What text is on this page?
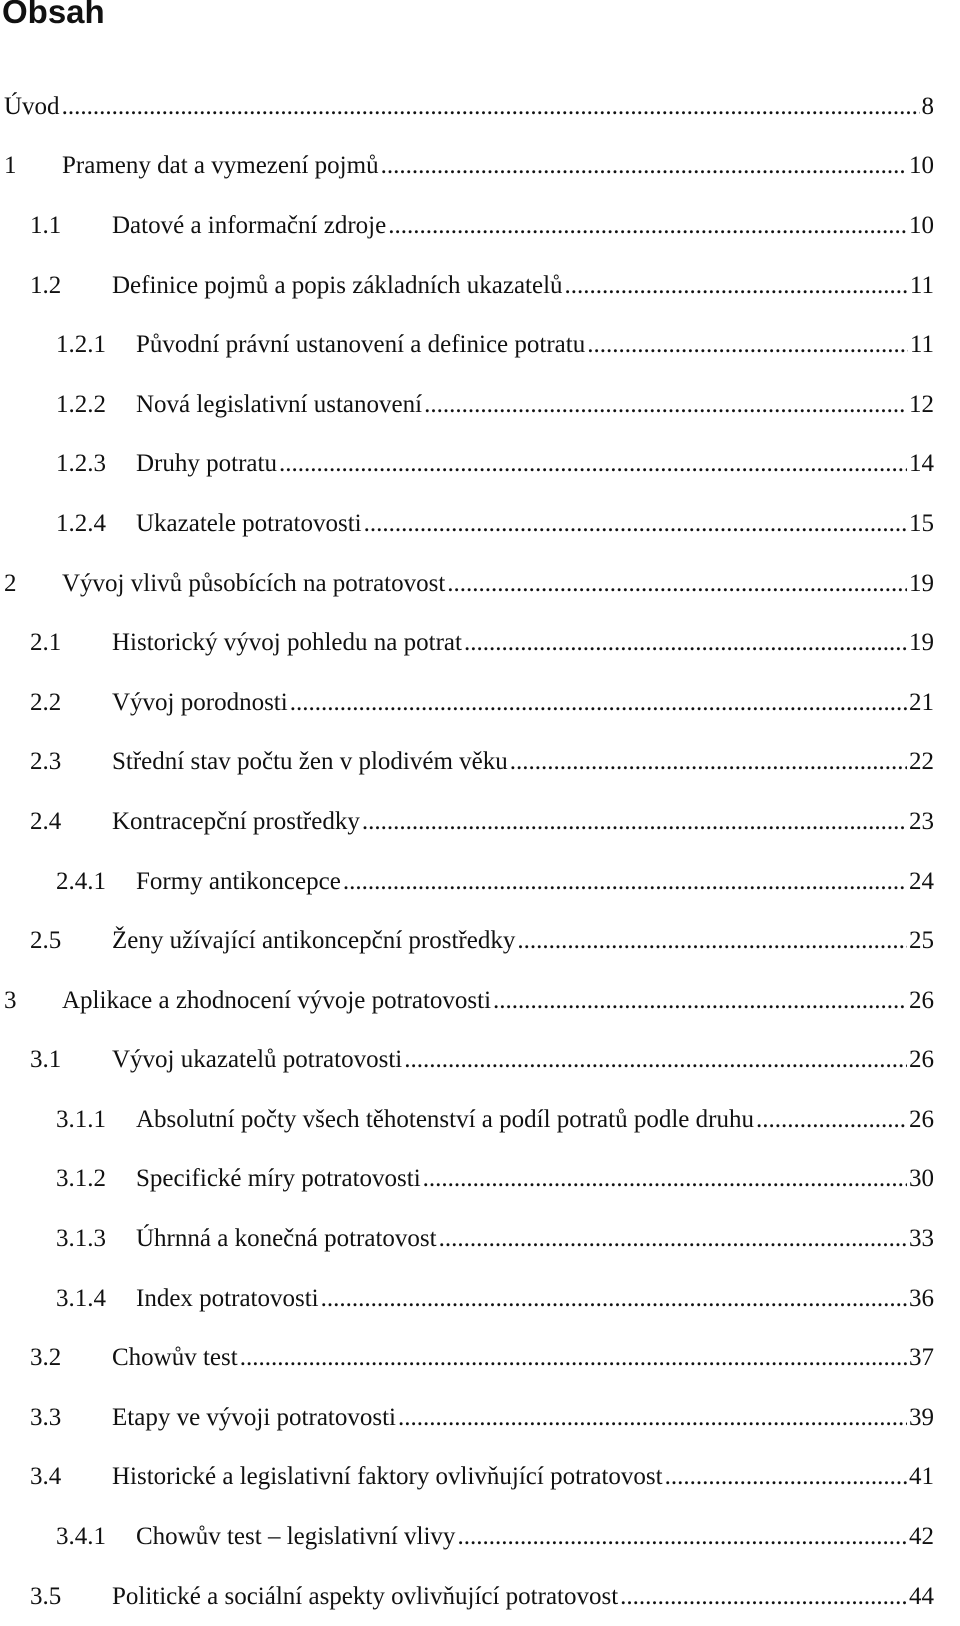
Obsah
Úvod .....	8
1	Prameny dat a vymezení pojmů .....	10
1.1	Datové a informační zdroje .....	10
1.2	Definice pojmů a popis základních ukazatelů .....	11
1.2.1	Původní právní ustanovení a definice potratu .....	11
1.2.2	Nová legislativní ustanovení .....	12
1.2.3	Druhy potratu .....	14
1.2.4	Ukazatele potratovosti .....	15
2	Vývoj vlivů působících na potratovost .....	19
2.1	Historický vývoj pohledu na potrat .....	19
2.2	Vývoj porodnosti .....	21
2.3	Střední stav počtu žen v plodivém věku .....	22
2.4	Kontracepční prostředky .....	23
2.4.1	Formy antikoncepce .....	24
2.5	Ženy užívající antikoncepční prostředky .....	25
3	Aplikace a zhodnocení vývoje potratovosti .....	26
3.1	Vývoj ukazatelů potratovosti .....	26
3.1.1	Absolutní počty všech těhotenství a podíl potratů podle druhu .....	26
3.1.2	Specifické míry potratovosti .....	30
3.1.3	Úhrnná a konečná potratovost .....	33
3.1.4	Index potratovosti .....	36
3.2	Chowův test .....	37
3.3	Etapy ve vývoji potratovosti .....	39
3.4	Historické a legislativní faktory ovlivňující potratovost .....	41
3.4.1	Chowův test – legislativní vlivy .....	42
3.5	Politické a sociální aspekty ovlivňující potratovost .....	44
